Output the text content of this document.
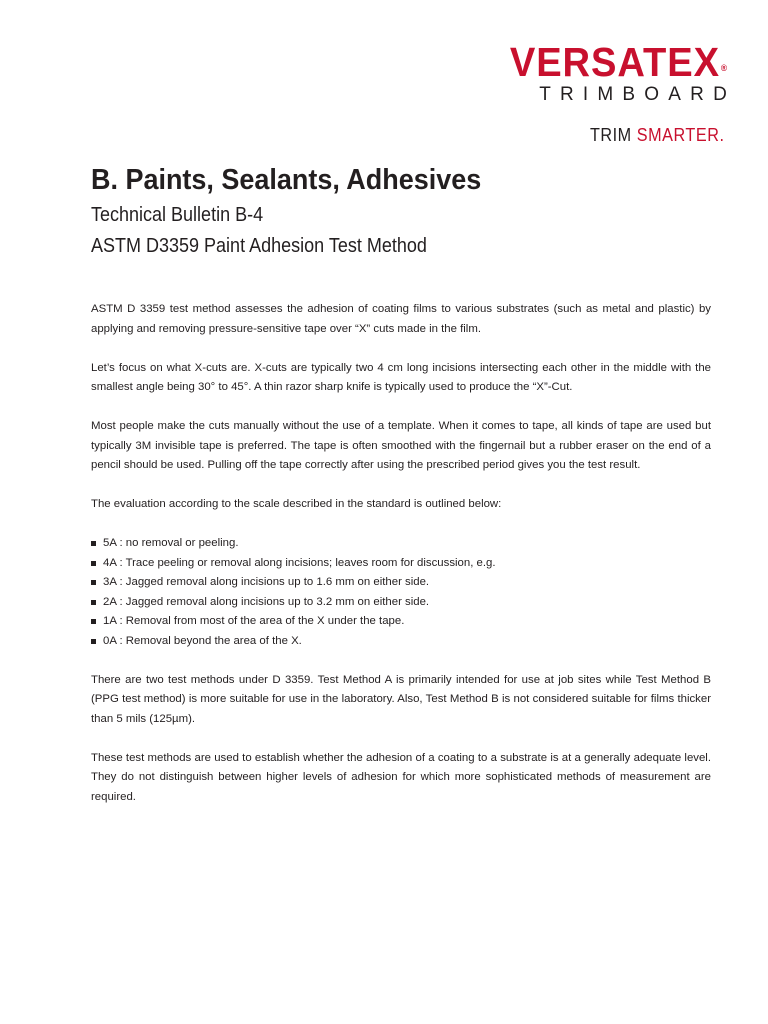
VERSATEX®
TRIMBOARD
TRIM SMARTER.
B. Paints, Sealants, Adhesives
Technical Bulletin B-4
ASTM D3359 Paint Adhesion Test Method

ASTM D 3359 test method assesses the adhesion of coating films to various substrates (such as metal and plastic) by applying and removing pressure-sensitive tape over “X” cuts made in the film.

Let’s focus on what X-cuts are. X-cuts are typically two 4 cm long incisions intersecting each other in the middle with the smallest angle being 30° to 45°. A thin razor sharp knife is typically used to produce the “X”-Cut.

Most people make the cuts manually without the use of a template. When it comes to tape, all kinds of tape are used but typically 3M invisible tape is preferred. The tape is often smoothed with the fingernail but a rubber eraser on the end of a pencil should be used. Pulling off the tape correctly after using the prescribed period gives you the test result.

The evaluation according to the scale described in the standard is outlined below:

5A : no removal or peeling.
4A : Trace peeling or removal along incisions; leaves room for discussion, e.g.
3A : Jagged removal along incisions up to 1.6 mm on either side.
2A : Jagged removal along incisions up to 3.2 mm on either side.
1A : Removal from most of the area of the X under the tape.
0A : Removal beyond the area of the X.

There are two test methods under D 3359. Test Method A is primarily intended for use at job sites while Test Method B (PPG test method) is more suitable for use in the laboratory. Also, Test Method B is not considered suitable for films thicker than 5 mils (125µm).

These test methods are used to establish whether the adhesion of a coating to a substrate is at a generally adequate level. They do not distinguish between higher levels of adhesion for which more sophisticated methods of measurement are required.
